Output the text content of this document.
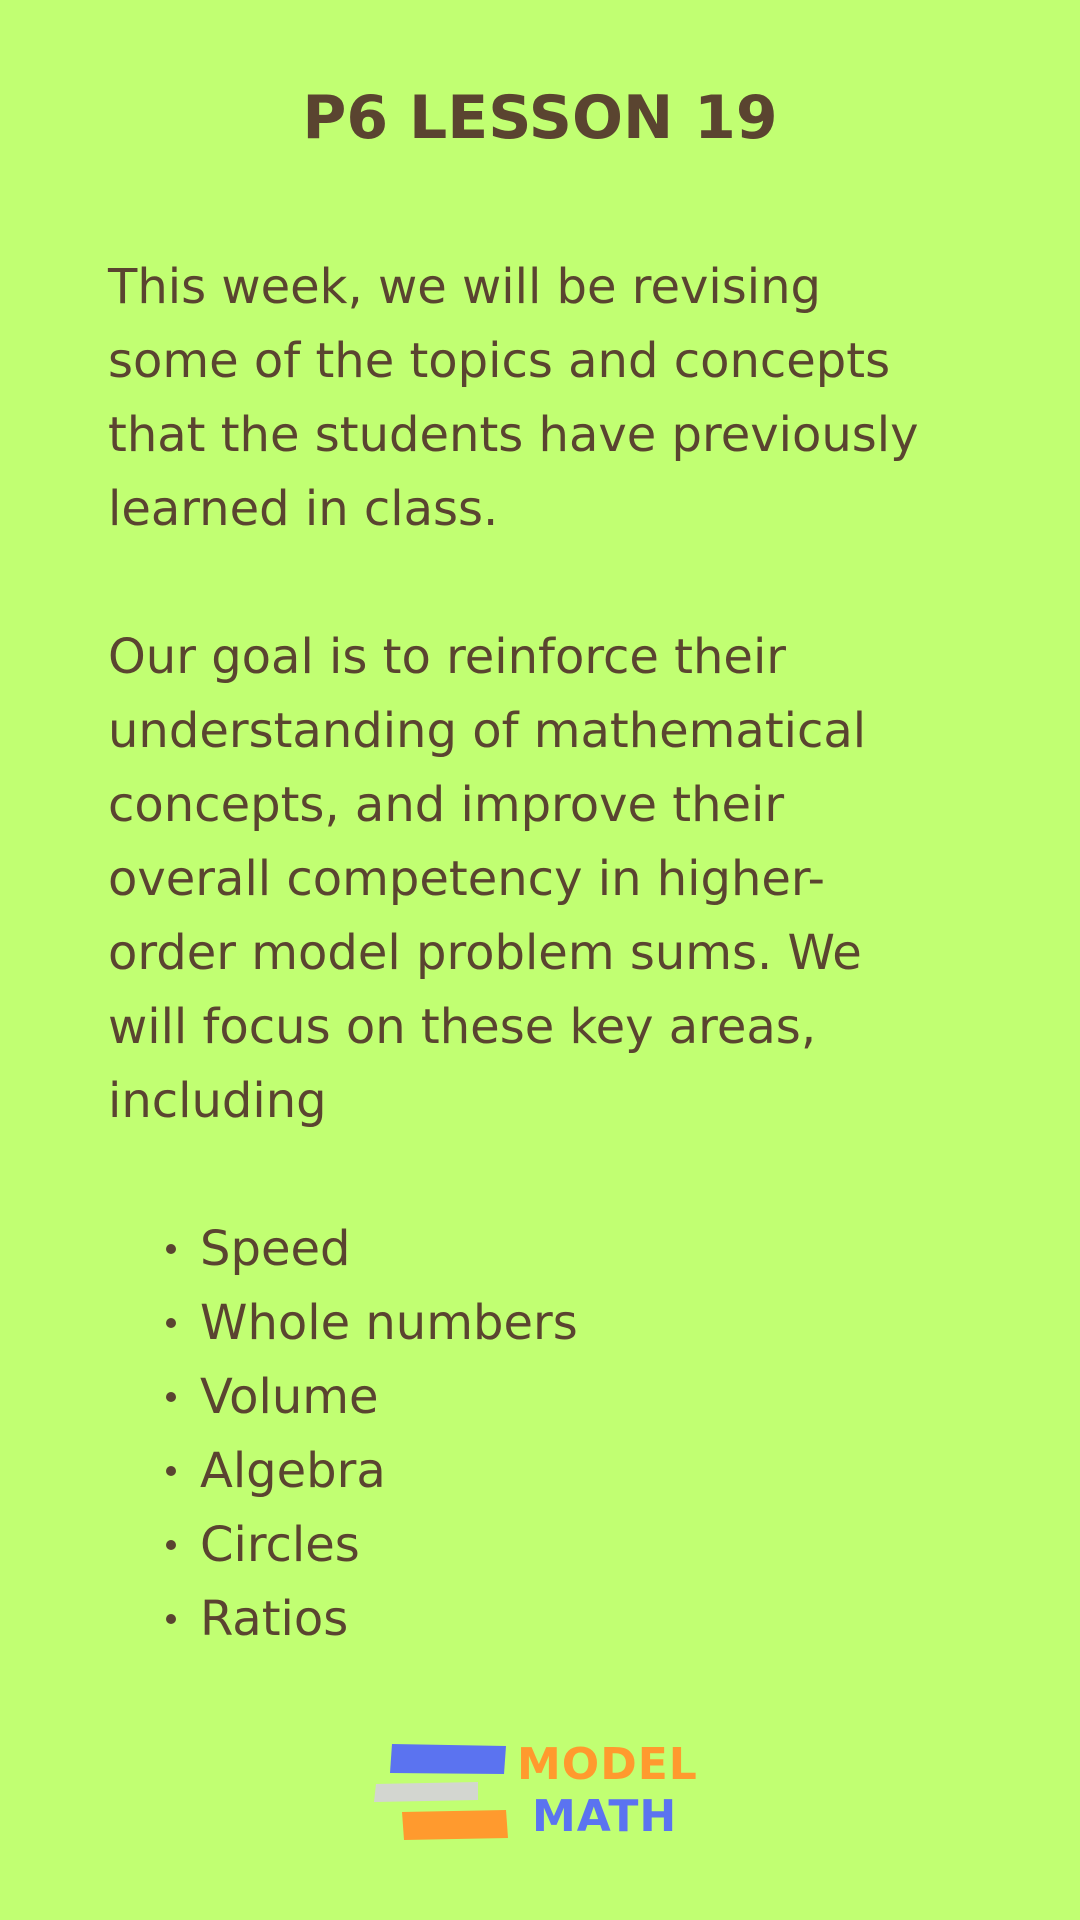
P6 LESSON 19

This week, we will be revising
some of the topics and concepts
that the students have previously
learned in class.

Our goal is to reinforce their
understanding of mathematical
concepts, and improve their
overall competency in higher-
order model problem sums. We
will focus on these key areas,
including

Speed
Whole numbers
Volume
Algebra
Circles
Ratios
MODEL
MATH
